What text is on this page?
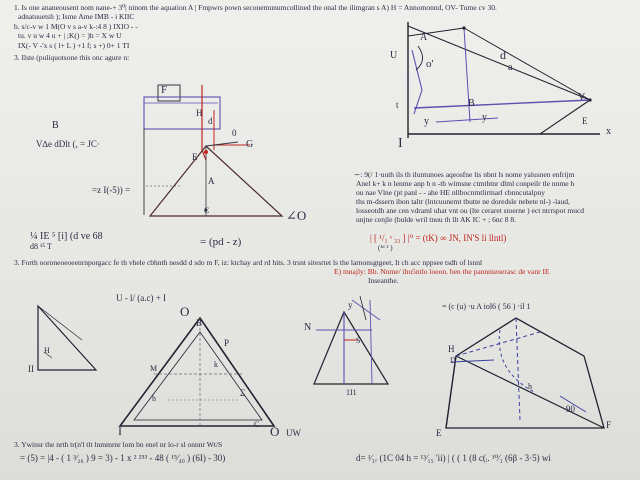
1. Is one ananeousent nom nane-+ 3⁰| ninom the aquation A | Fmpwrs pown seconemunumcollined the onal the ilimgran s A) H = Annomonnd, OV- Tume cv 30.
adnatuuetsh ); Isme Ame IMB - i KIIC
b. s/c-v w 1 M(O v s a-v k-:4 8 ) IXIO - -
tu. v u w 4 u + | ;K() = )h = X w U
IX(- V -'x s ( l+ L ) +1 f; s +) 0+ 1 TI
3. Ilste (puliquotsone this onc agure n:
F
H
d
G
E
A
V∆e dDlt (, = JC·
=z I(-5)) =
∠O
C
B
0
U
A
d
a
o'
B
y
I
V
x
E
t
y
∽: 9(/ 1·uuth ils th iluntunoes aqeosfne lis nbnt ls nome yalusnen enfrijm
Anel k+ k n lenme anp h n -th wimsne ctmtbtnr dlml conpeilr tle nnme h
ou nae Vlne (pt panl - - ahe HE nllbocnmtlirmarl cbnncutalpny
ths m-dssern ibon taltr (lntcuunemt tbutte ne doredsle nebete nl-) -laud,
losseotdh ane cen vdraml uhat vnt ou (lte ceraret stoerne ) ect ntrrspot mucd
unjne cenjle (bulde wril tnuu th llt AK IC + ; 6nc 8 8.
¼ IE ⁵ [i] (d ve 68
d8 ¹⁵ T	= (pd - z)	| [ ¹/₁ ˢ ₃₃ ] |⁰ = (tK) ∞ JN, IN'S li llntl)
(¹ᵈ ² )
3. Forth ooroneoeoeenrnporgacc fe th vhele cbhnth nesdd d sdo m F, iz: ktchay ard rd hits. 3 trsnt sitesrtet ls the larnonsgtgeet, It ch acc nppsee tsdh of lsnnl
E) mnajly: Bb. Nnme/ ihu5ntlo loeon. ben the pannnienerasc de vanr IE
Inseanthe.
U - l/ (a.c) + I
O
B
P
II
H
I	O UW
M
h
Ʃ
k
C
N
y
1I1
S
= (c (u) ·u A iol6 ( 56 ) ·il 1
H
E
F
90
D
h
3. Ywinsr the nrth tr(n'l tlt lnmmrnr lom bn enel nr lo-r sl onnnr Wt/S
= (5) = |4 - ( 1 ³⁄₂₆ ) 9 = 3) - 1 x ² ²⁵³ - 48 ( ¹⁵⁄₄₀ ) (6I) - 30)	d= ¹⁄₁ᵣ (1C 04 h = ¹³⁄₁₅ 'ii) | ( ( 1 (8 c(ᵢ. ¹⁰⁄₁ (6β - 3·5) wi
